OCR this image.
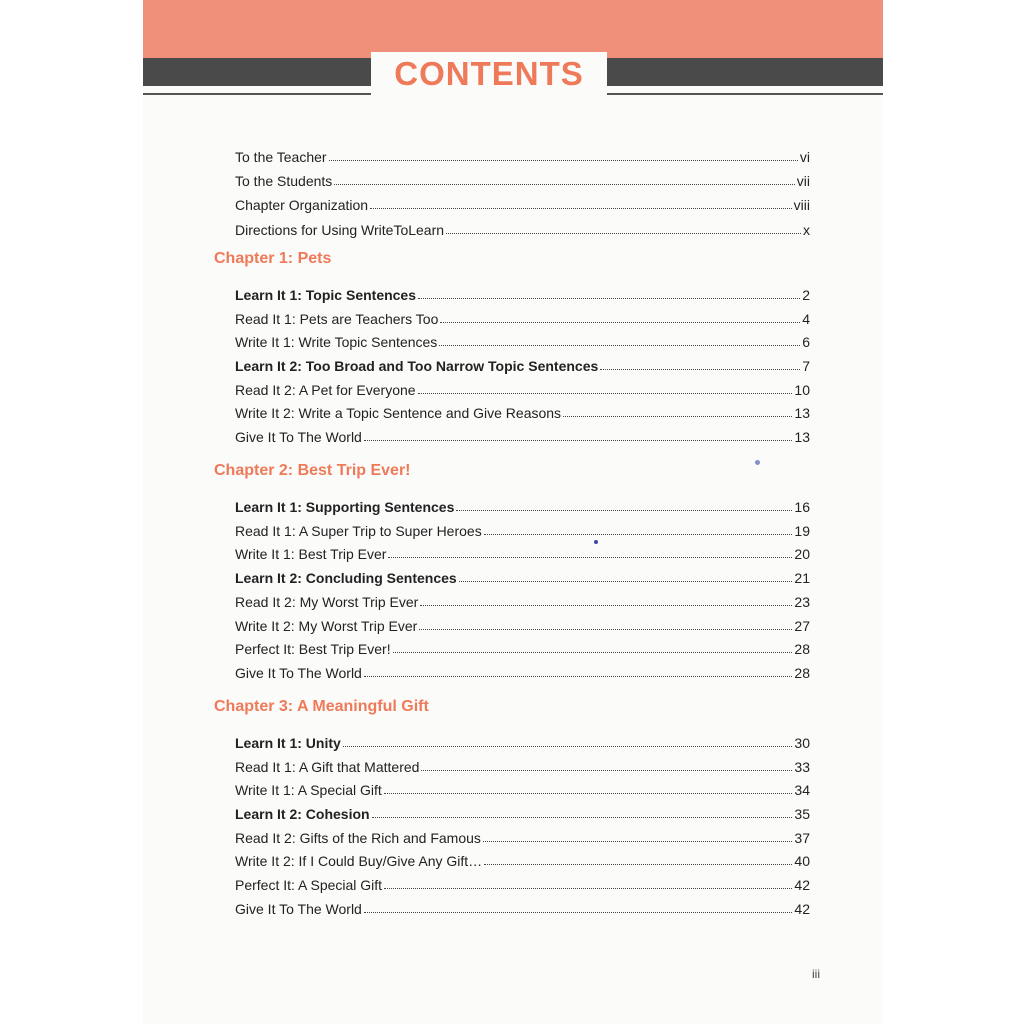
CONTENTS
To the Teacher	vi
To the Students	vii
Chapter Organization	viii
Directions for Using WriteToLearn	x
Chapter 1: Pets
Learn It 1: Topic Sentences	2
Read It 1: Pets are Teachers Too	4
Write It 1: Write Topic Sentences	6
Learn It 2: Too Broad and Too Narrow Topic Sentences	7
Read It 2: A Pet for Everyone	10
Write It 2: Write a Topic Sentence and Give Reasons	13
Give It To The World	13
Chapter 2: Best Trip Ever!
Learn It 1: Supporting Sentences	16
Read It 1: A Super Trip to Super Heroes	19
Write It 1: Best Trip Ever	20
Learn It 2: Concluding Sentences	21
Read It 2: My Worst Trip Ever	23
Write It 2: My Worst Trip Ever	27
Perfect It: Best Trip Ever!	28
Give It To The World	28
Chapter 3: A Meaningful Gift
Learn It 1: Unity	30
Read It 1: A Gift that Mattered	33
Write It 1: A Special Gift	34
Learn It 2: Cohesion	35
Read It 2: Gifts of the Rich and Famous	37
Write It 2: If I Could Buy/Give Any Gift…	40
Perfect It: A Special Gift	42
Give It To The World	42
iii
